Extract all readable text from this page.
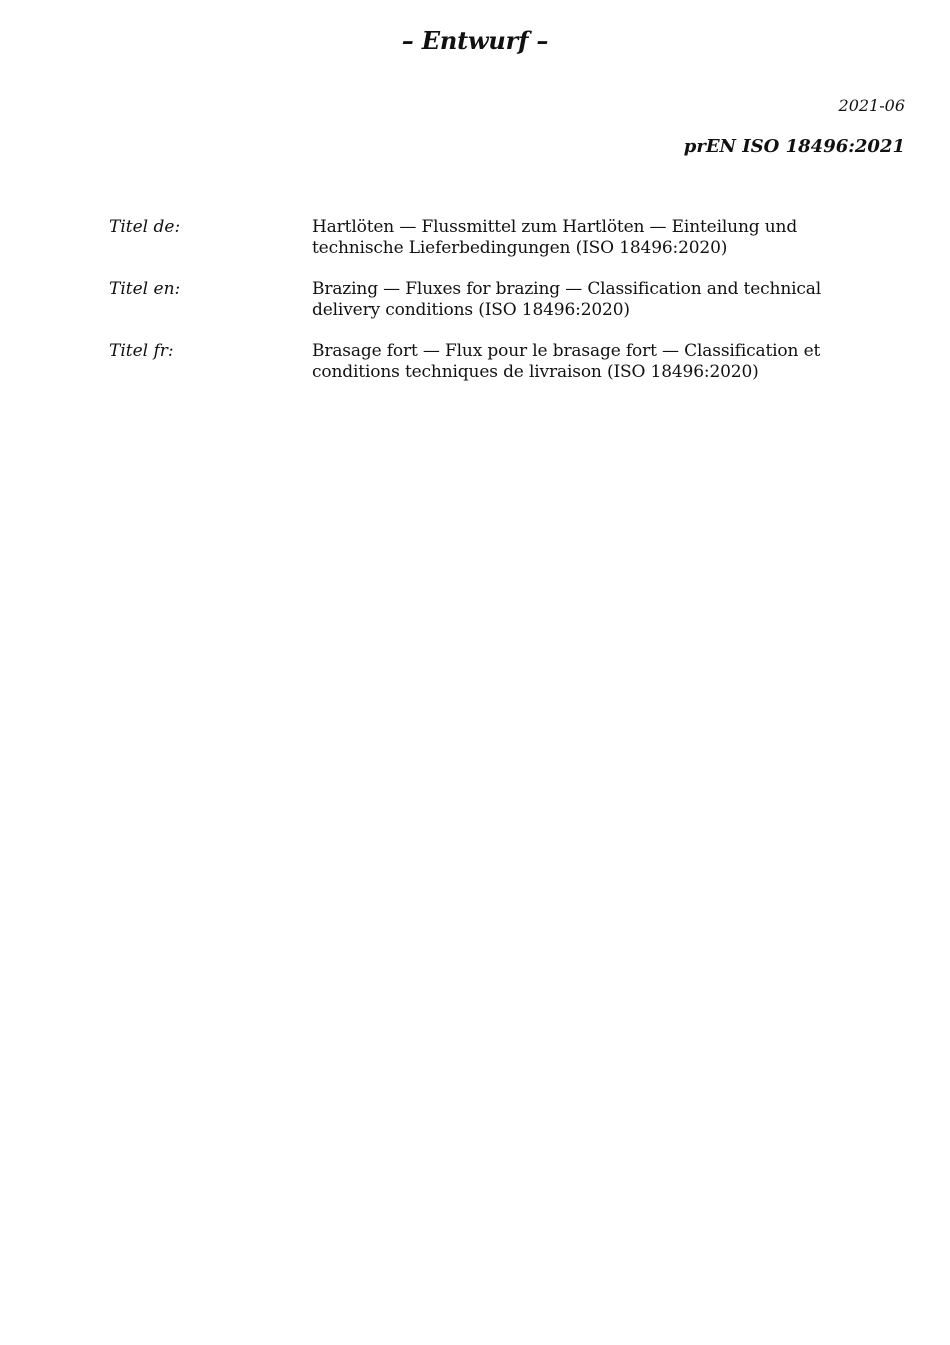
– Entwurf –
2021-06
prEN ISO 18496:2021
Titel de:	Hartlöten — Flussmittel zum Hartlöten — Einteilung und technische Lieferbedingungen (ISO 18496:2020)
Titel en:	Brazing — Fluxes for brazing — Classification and technical delivery conditions (ISO 18496:2020)
Titel fr:	Brasage fort — Flux pour le brasage fort — Classification et conditions techniques de livraison (ISO 18496:2020)
